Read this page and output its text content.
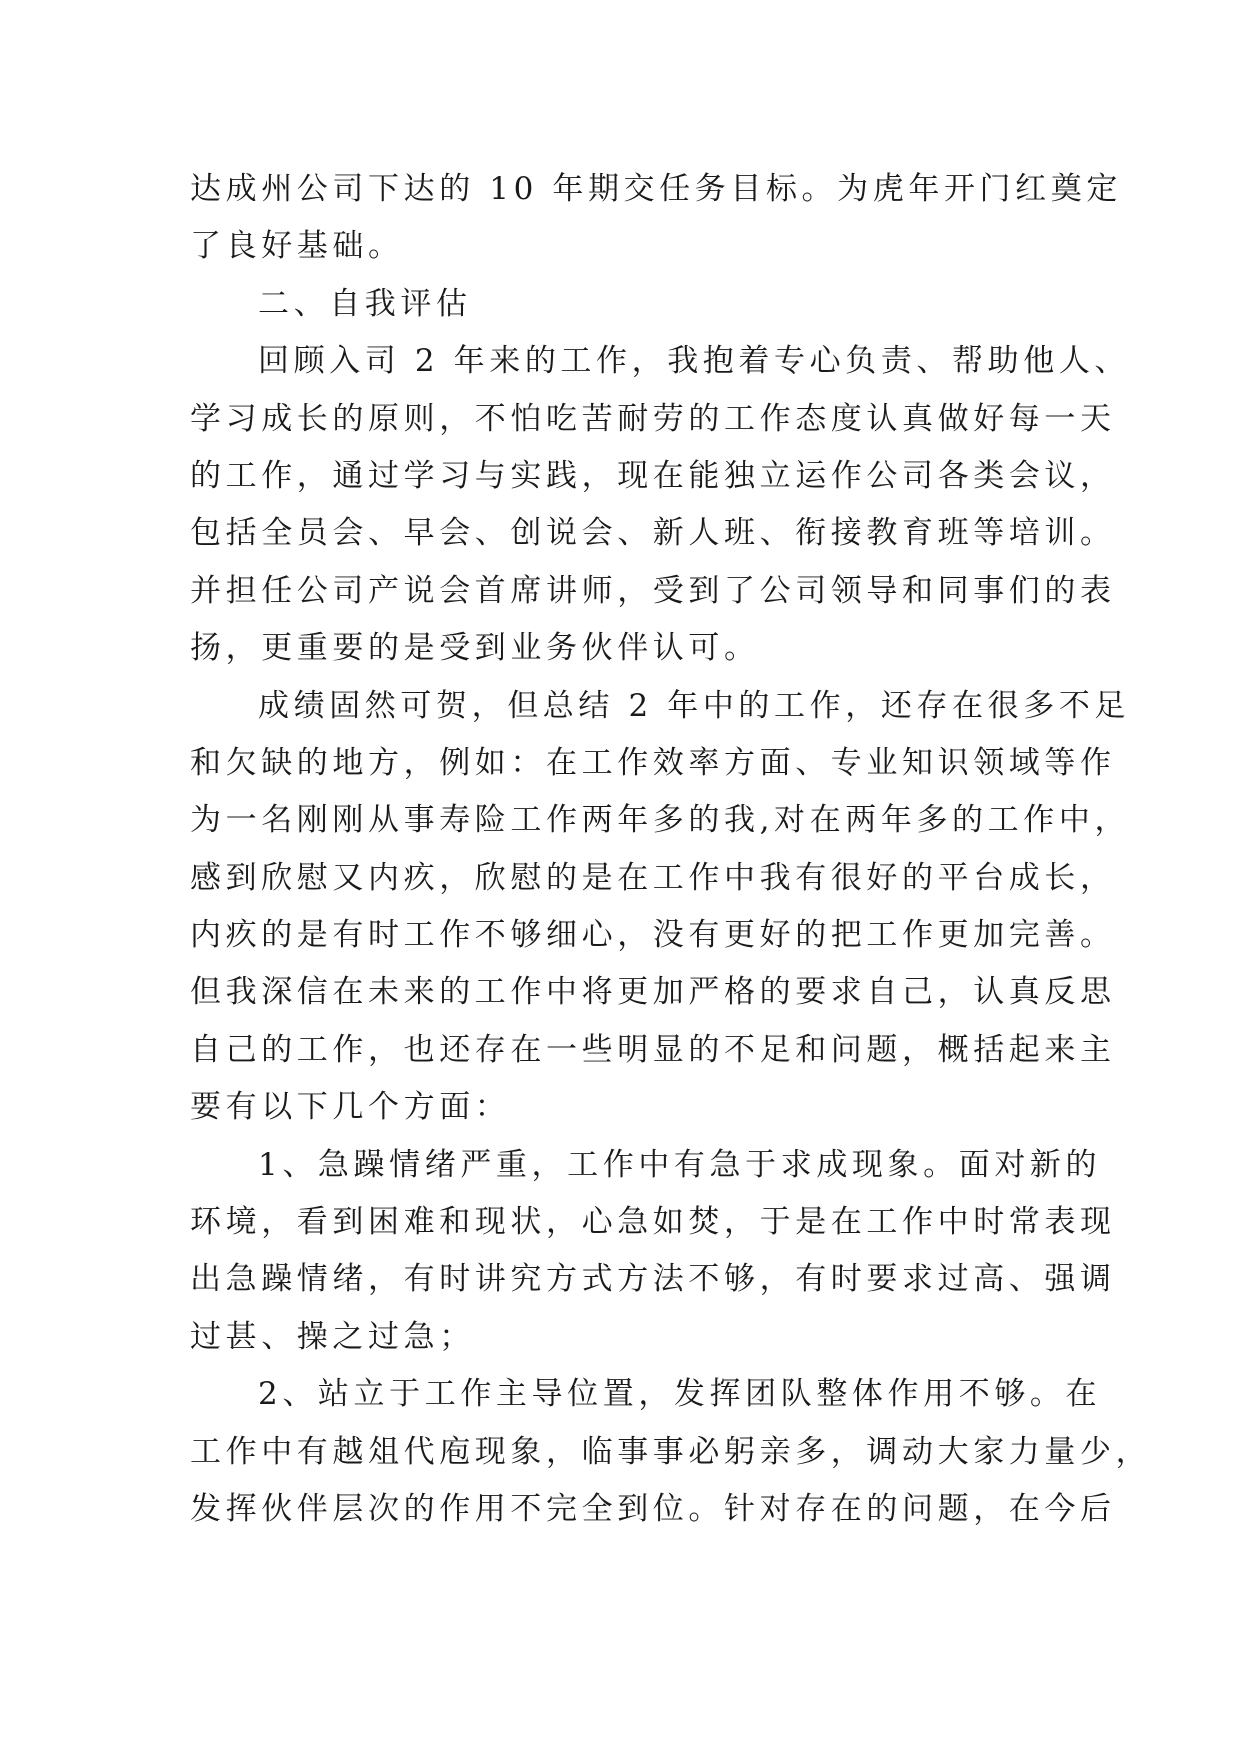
达成州公司下达的 10 年期交任务目标。为虎年开门红奠定
了良好基础。
二、自我评估
回顾入司 2 年来的工作，我抱着专心负责、帮助他人、
学习成长的原则，不怕吃苦耐劳的工作态度认真做好每一天
的工作，通过学习与实践，现在能独立运作公司各类会议，
包括全员会、早会、创说会、新人班、衔接教育班等培训。
并担任公司产说会首席讲师，受到了公司领导和同事们的表
扬，更重要的是受到业务伙伴认可。
成绩固然可贺，但总结 2 年中的工作，还存在很多不足
和欠缺的地方，例如：在工作效率方面、专业知识领域等作
为一名刚刚从事寿险工作两年多的我,对在两年多的工作中，
感到欣慰又内疚，欣慰的是在工作中我有很好的平台成长，
内疚的是有时工作不够细心，没有更好的把工作更加完善。
但我深信在未来的工作中将更加严格的要求自己，认真反思
自己的工作，也还存在一些明显的不足和问题，概括起来主
要有以下几个方面：
1、急躁情绪严重，工作中有急于求成现象。面对新的
环境，看到困难和现状，心急如焚，于是在工作中时常表现
出急躁情绪，有时讲究方式方法不够，有时要求过高、强调
过甚、操之过急；
2、站立于工作主导位置，发挥团队整体作用不够。在
工作中有越俎代庖现象，临事事必躬亲多，调动大家力量少，
发挥伙伴层次的作用不完全到位。针对存在的问题，在今后
